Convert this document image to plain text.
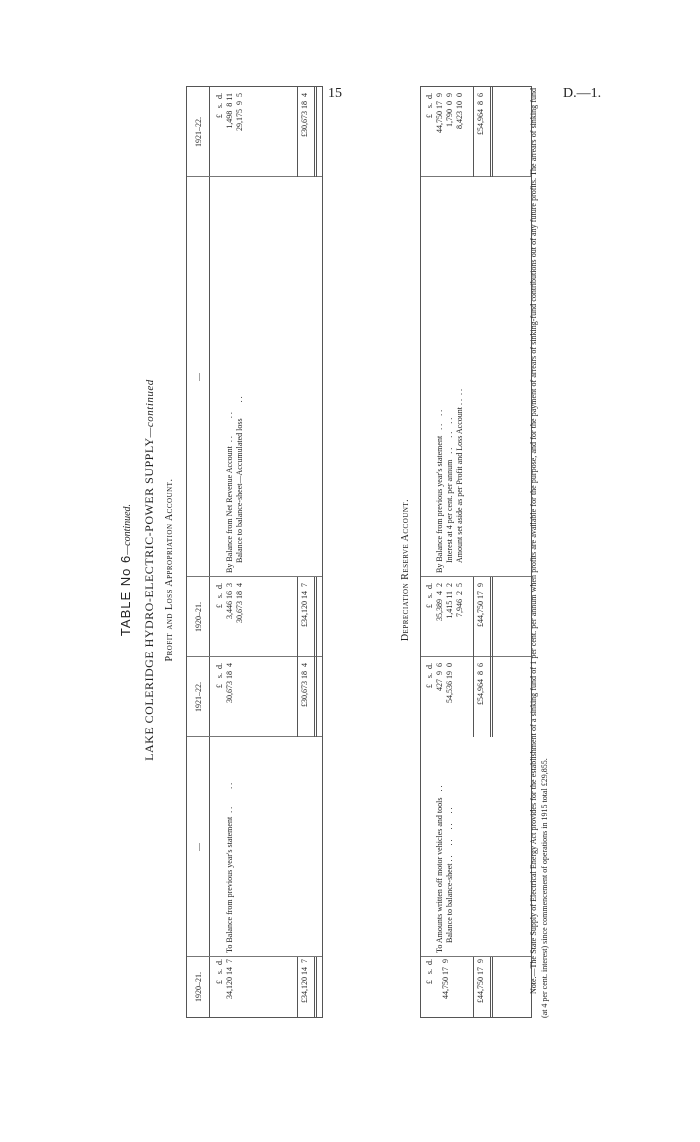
15	D.—1.
TABLE No 6—continued. LAKE COLERIDGE HYDRO-ELECTRIC-POWER SUPPLY—continued
Profit and Loss Appropriation Account.
1920–21.
—
1921–22.
1920–21.
—
1921–22.
£   s.  d. 34,120 14  7
To Balance from previous year's statement  . .         . .
£   s.  d. 30,673 18  4
£   s.  d. 3,446 16  3 30,673 18  4
By Balance from Net Revenue Account  . .         . . Balance to balance-sheet—Accumulated loss        . .
£   s.  d. 1,498  8 11 29,175  9  5
£34,120 14  7
£30,673 18  4
£34,120 14  7
£30,673 18  4
Depreciation Reserve Account.
£   s.  d. 44,750 17  9
To Amounts written off motor vehicles and tools   . . Balance to balance-sheet . .     . .     . .     . .
£   s.  d. 427  9  6 54,536 19  0
£   s.  d. 35,389  4  2 1,415 11  2 7,946  2  5
By Balance from previous year's statement   . .    . . Interest at 4 per cent. per annum   . .     . .    . . Amount set aside as per Profit and Loss Account . .  . .
£   s.  d. 44,750 17  9 1,790  0  9 8,423 10  0
£44,750 17  9
£54,964  8  6
£44,750 17  9
£54,964  8  6	Note.—The State Supply of Electrical Energy Act provides for the establishment of a sinking fund of 1 per cent. per annum when profits are available for the purpose, and for the payment of arrears of sinking-fund contributions out of any future profits. The arrears of sinking fund (at 4 per cent. interest) since commencement of operations in 1915 total £29,855.
